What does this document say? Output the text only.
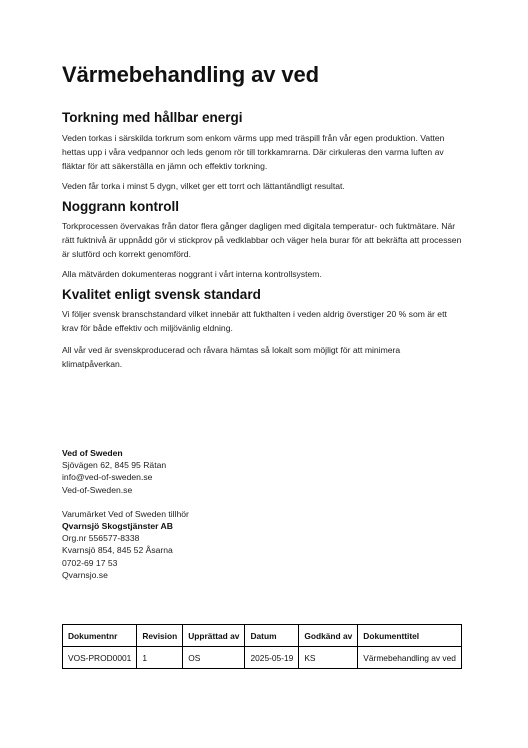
Värmebehandling av ved
Torkning med hållbar energi

Veden torkas i särskilda torkrum som enkom värms upp med träspill från vår egen produktion. Vatten hettas upp i våra vedpannor och leds genom rör till torkkamrarna. Där cirkuleras den varma luften av fläktar för att säkerställa en jämn och effektiv torkning.

Veden får torka i minst 5 dygn, vilket ger ett torrt och lättantändligt resultat.

Noggrann kontroll

Torkprocessen övervakas från dator flera gånger dagligen med digitala temperatur- och fuktmätare. När rätt fuktnivå är uppnådd gör vi stickprov på vedklabbar och väger hela burar för att bekräfta att processen är slutförd och korrekt genomförd.

Alla mätvärden dokumenteras noggrant i vårt interna kontrollsystem.

Kvalitet enligt svensk standard

Vi följer svensk branschstandard vilket innebär att fukthalten i veden aldrig överstiger 20 % som är ett krav för både effektiv och miljövänlig eldning.

All vår ved är svenskproducerad och råvara hämtas så lokalt som möjligt för att minimera klimatpåverkan.

Ved of Sweden
Sjövägen 62, 845 95 Rätan
info@ved-of-sweden.se
Ved-of-Sweden.se
Varumärket Ved of Sweden tillhör
Qvarnsjö Skogstjänster AB
Org.nr 556577-8338
Kvarnsjö 854, 845 52 Åsarna
0702-69 17 53
Qvarnsjo.se
Dokumentnr	Revision	Upprättad av	Datum	Godkänd av	Dokumenttitel
VOS-PROD0001	1	OS	2025-05-19	KS	Värmebehandling av ved
